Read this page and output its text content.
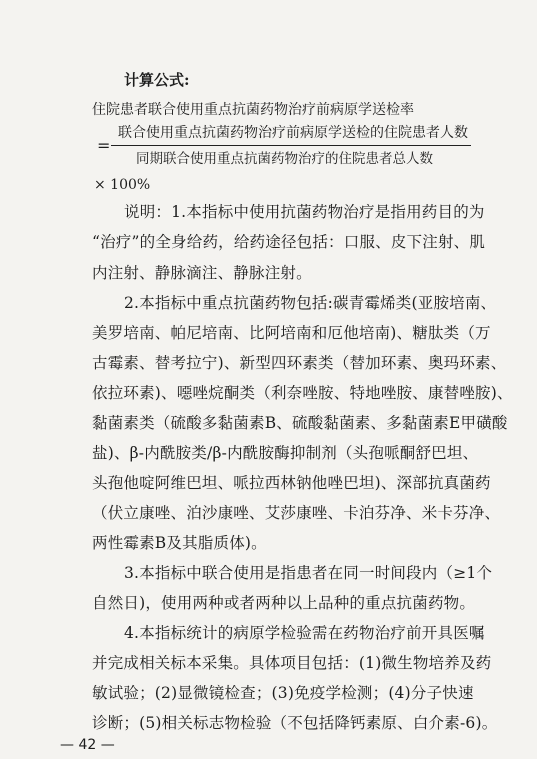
计算公式:
住院患者联合使用重点抗菌药物治疗前病原学送检率
联合使用重点抗菌药物治疗前病原学送检的住院患者人数
=
同期联合使用重点抗菌药物治疗的住院患者总人数
× 100%
说明：1.本指标中使用抗菌药物治疗是指用药目的为
“治疗”的全身给药，给药途径包括：口服、皮下注射、肌
内注射、静脉滴注、静脉注射。
2.本指标中重点抗菌药物包括:碳青霉烯类(亚胺培南、
美罗培南、帕尼培南、比阿培南和厄他培南)、糖肽类（万
古霉素、替考拉宁)、新型四环素类（替加环素、奥玛环素、
依拉环素)、噁唑烷酮类（利奈唑胺、特地唑胺、康替唑胺)、
黏菌素类（硫酸多黏菌素B、硫酸黏菌素、多黏菌素E甲磺酸
盐)、β-内酰胺类/β-内酰胺酶抑制剂（头孢哌酮舒巴坦、
头孢他啶阿维巴坦、哌拉西林钠他唑巴坦)、深部抗真菌药
（伏立康唑、泊沙康唑、艾莎康唑、卡泊芬净、米卡芬净、
两性霉素B及其脂质体)。
3.本指标中联合使用是指患者在同一时间段内（≥1个
自然日)，使用两种或者两种以上品种的重点抗菌药物。
4.本指标统计的病原学检验需在药物治疗前开具医嘱
并完成相关标本采集。具体项目包括：(1)微生物培养及药
敏试验；(2)显微镜检查；(3)免疫学检测；(4)分子快速
诊断；(5)相关标志物检验（不包括降钙素原、白介素-6)。
— 42 —
